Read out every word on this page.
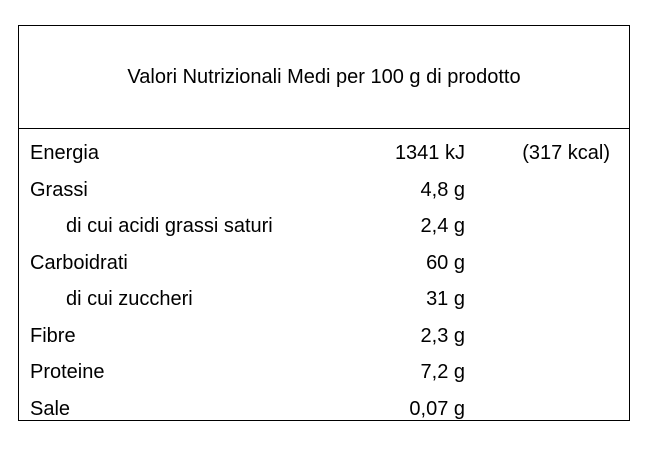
Valori Nutrizionali Medi per 100 g di prodotto
Energia	1341 kJ	(317 kcal)
Grassi	4,8 g
di cui acidi grassi saturi	2,4 g
Carboidrati	60 g
di cui zuccheri	31 g
Fibre	2,3 g
Proteine	7,2 g
Sale	0,07 g
